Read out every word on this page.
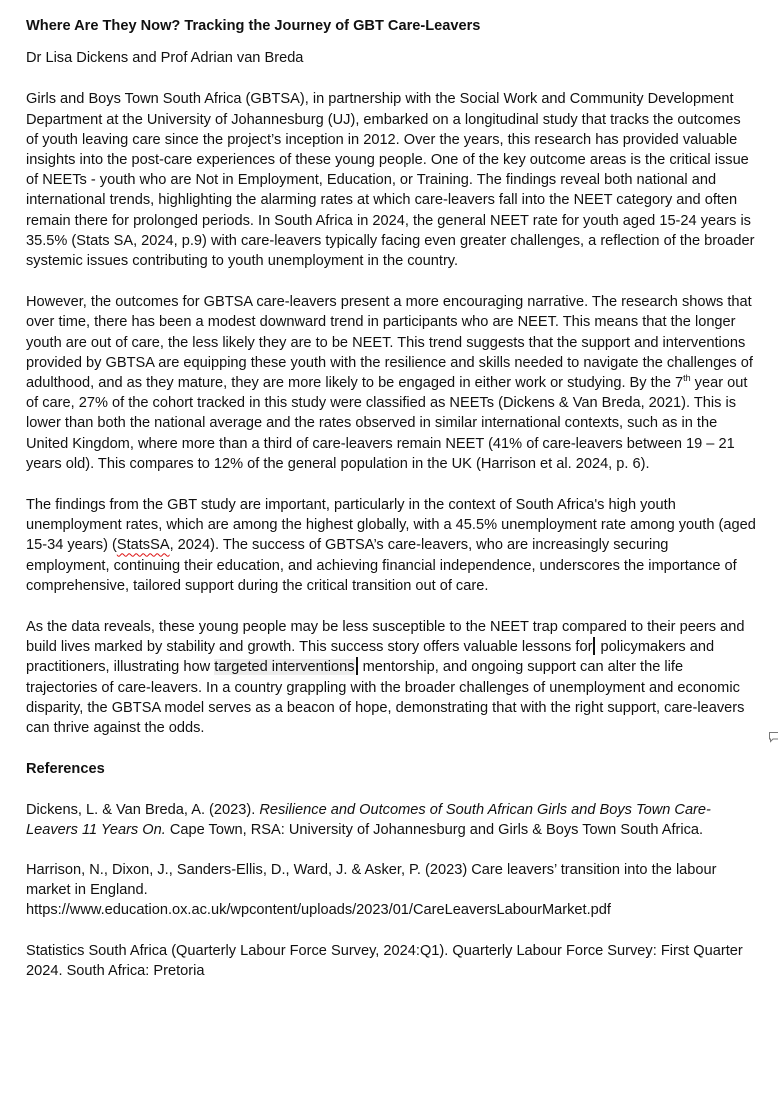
Where Are They Now? Tracking the Journey of GBT Care-Leavers
Dr Lisa Dickens and Prof Adrian van Breda
Girls and Boys Town South Africa (GBTSA), in partnership with the Social Work and Community Development Department at the University of Johannesburg (UJ), embarked on a longitudinal study that tracks the outcomes of youth leaving care since the project’s inception in 2012. Over the years, this research has provided valuable insights into the post-care experiences of these young people. One of the key outcome areas is the critical issue of NEETs - youth who are Not in Employment, Education, or Training. The findings reveal both national and international trends, highlighting the alarming rates at which care-leavers fall into the NEET category and often remain there for prolonged periods. In South Africa in 2024, the general NEET rate for youth aged 15-24 years is 35.5% (Stats SA, 2024, p.9) with care-leavers typically facing even greater challenges, a reflection of the broader systemic issues contributing to youth unemployment in the country.
However, the outcomes for GBTSA care-leavers present a more encouraging narrative. The research shows that over time, there has been a modest downward trend in participants who are NEET. This means that the longer youth are out of care, the less likely they are to be NEET. This trend suggests that the support and interventions provided by GBTSA are equipping these youth with the resilience and skills needed to navigate the challenges of adulthood, and as they mature, they are more likely to be engaged in either work or studying. By the 7th year out of care, 27% of the cohort tracked in this study were classified as NEETs (Dickens & Van Breda, 2021). This is lower than both the national average and the rates observed in similar international contexts, such as in the United Kingdom, where more than a third of care-leavers remain NEET (41% of care-leavers between 19 – 21 years old). This compares to 12% of the general population in the UK (Harrison et al. 2024, p. 6).
The findings from the GBT study are important, particularly in the context of South Africa's high youth unemployment rates, which are among the highest globally, with a 45.5% unemployment rate among youth (aged 15-34 years) (StatsSA, 2024). The success of GBTSA’s care-leavers, who are increasingly securing employment, continuing their education, and achieving financial independence, underscores the importance of comprehensive, tailored support during the critical transition out of care.
As the data reveals, these young people may be less susceptible to the NEET trap compared to their peers and build lives marked by stability and growth. This success story offers valuable lessons for policymakers and practitioners, illustrating how targeted interventions mentorship, and ongoing support can alter the life trajectories of care-leavers. In a country grappling with the broader challenges of unemployment and economic disparity, the GBTSA model serves as a beacon of hope, demonstrating that with the right support, care-leavers can thrive against the odds.
References
Dickens, L. & Van Breda, A. (2023). Resilience and Outcomes of South African Girls and Boys Town Care-Leavers 11 Years On. Cape Town, RSA: University of Johannesburg and Girls & Boys Town South Africa.
Harrison, N., Dixon, J., Sanders-Ellis, D., Ward, J. & Asker, P. (2023) Care leavers’ transition into the labour market in England.
https://www.education.ox.ac.uk/wpcontent/uploads/2023/01/CareLeaversLabourMarket.pdf
Statistics South Africa (Quarterly Labour Force Survey, 2024:Q1). Quarterly Labour Force Survey: First Quarter 2024. South Africa: Pretoria
